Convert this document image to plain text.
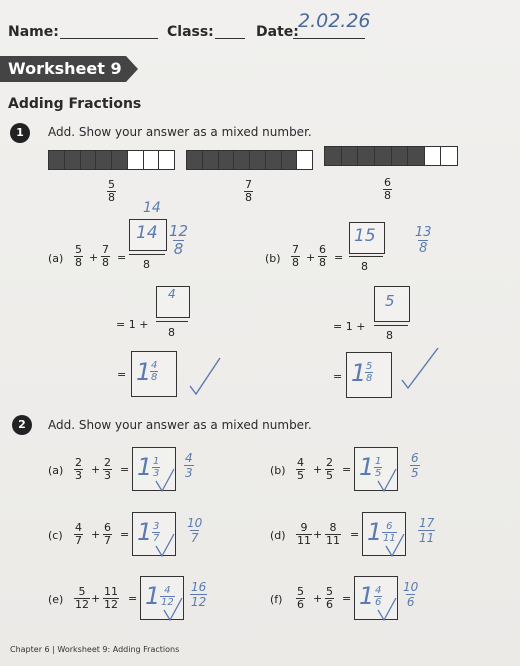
Name:	Class:	Date: 2.02.26
Worksheet 9
Adding Fractions
1	Add. Show your answer as a mixed number.
$\frac{5}{8}$	$\frac{7}{8}$	$\frac{6}{8}$
$(a) \frac{5}{8} + \frac{7}{8}$ =
14
14
8
$\frac{12}{8}$
= 1 +
4
8
= 1
$\frac{4}{8}$
$(b) \frac{7}{8} + \frac{6}{8}$ =
15
8
$\frac{13}{8}$
= 1 +
5
8
= 1
$\frac{5}{8}$
2	Add. Show your answer as a mixed number.
$(a) \frac{2}{3} + \frac{2}{3} = 1 \frac{1}{3} \frac{4}{3}$	$(b) \frac{4}{5} + \frac{2}{5} = 1 \frac{1}{5} \frac{6}{5}$
$(c) \frac{4}{7} + \frac{6}{7} = 1 \frac{3}{7} \frac{10}{7}$	$(d) \frac{9}{11} + \frac{8}{11} = 1 \frac{6}{11} \frac{17}{11}$
$(e) \frac{5}{12} + \frac{11}{12} = 1 \frac{4}{12} \frac{16}{12}$	$(f) \frac{5}{6} + \frac{5}{6} = 1 \frac{4}{6} \frac{10}{6}$
Chapter 6 | Worksheet 9: Adding Fractions
